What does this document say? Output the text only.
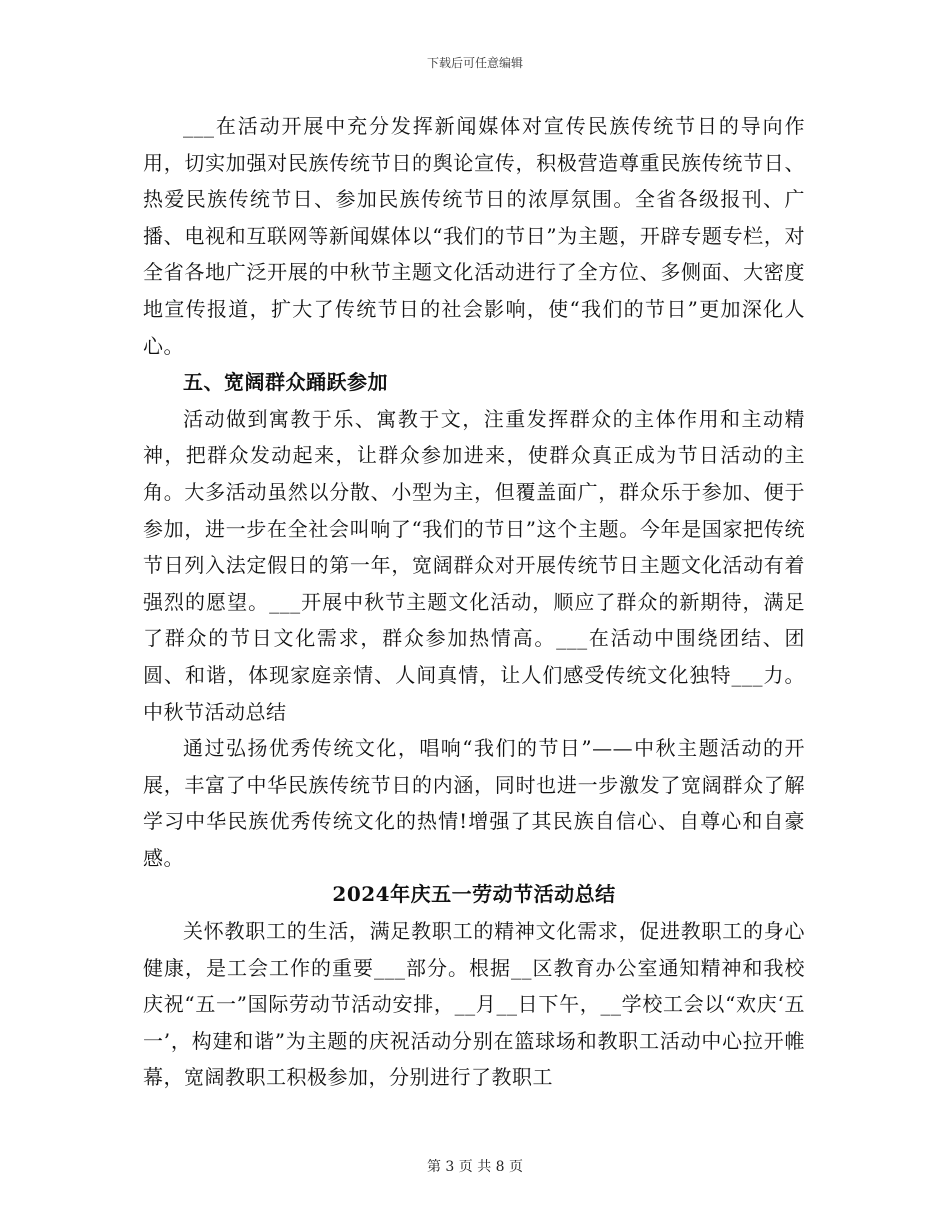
下载后可任意编辑

___在活动开展中充分发挥新闻媒体对宣传民族传统节日的导向作用，切实加强对民族传统节日的舆论宣传，积极营造尊重民族传统节日、热爱民族传统节日、参加民族传统节日的浓厚氛围。全省各级报刊、广播、电视和互联网等新闻媒体以“我们的节日”为主题，开辟专题专栏，对全省各地广泛开展的中秋节主题文化活动进行了全方位、多侧面、大密度地宣传报道，扩大了传统节日的社会影响，使“我们的节日”更加深化人心。

五、宽阔群众踊跃参加

活动做到寓教于乐、寓教于文，注重发挥群众的主体作用和主动精神，把群众发动起来，让群众参加进来，使群众真正成为节日活动的主角。大多活动虽然以分散、小型为主，但覆盖面广，群众乐于参加、便于参加，进一步在全社会叫响了“我们的节日”这个主题。今年是国家把传统节日列入法定假日的第一年，宽阔群众对开展传统节日主题文化活动有着强烈的愿望。___开展中秋节主题文化活动，顺应了群众的新期待，满足了群众的节日文化需求，群众参加热情高。___在活动中围绕团结、团圆、和谐，体现家庭亲情、人间真情，让人们感受传统文化独特___力。中秋节活动总结

通过弘扬优秀传统文化，唱响“我们的节日”——中秋主题活动的开展，丰富了中华民族传统节日的内涵，同时也进一步激发了宽阔群众了解学习中华民族优秀传统文化的热情!增强了其民族自信心、自尊心和自豪感。

2024年庆五一劳动节活动总结

关怀教职工的生活，满足教职工的精神文化需求，促进教职工的身心健康，是工会工作的重要___部分。根据__区教育办公室通知精神和我校庆祝“五一”国际劳动节活动安排，__月__日下午，__学校工会以“欢庆‘五一’，构建和谐”为主题的庆祝活动分别在篮球场和教职工活动中心拉开帷幕，宽阔教职工积极参加，分别进行了教职工

第 3 页 共 8 页
